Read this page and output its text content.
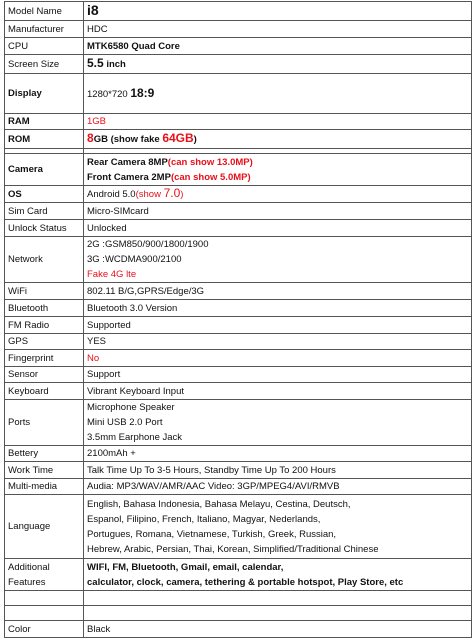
Model Name	i8
Manufacturer	HDC
CPU	MTK6580 Quad Core
Screen Size	5.5 inch
Display	1280*720 18:9
RAM	1GB
ROM	8GB (show fake 64GB)

Camera	Rear Camera 8MP(can show 13.0MP)
Front Camera 2MP(can show 5.0MP)

OS	Android 5.0(show 7.0)
Sim Card	Micro-SIMcard
Unlock Status	Unlocked
Network	2G :GSM850/900/1800/1900
3G :WCDMA900/2100
Fake 4G lte

WiFi	802.11 B/G,GPRS/Edge/3G
Bluetooth	Bluetooth 3.0 Version
FM Radio	Supported
GPS	YES
Fingerprint	No
Sensor	Support
Keyboard	Vibrant Keyboard Input
Ports	Microphone Speaker
Mini USB 2.0 Port
3.5mm Earphone Jack

Bettery	2100mAh +
Work Time	Talk Time Up To 3-5 Hours, Standby Time Up To 200 Hours
Multi-media	Audia: MP3/WAV/AMR/AAC Video: 3GP/MPEG4/AVI/RMVB
Language	English, Bahasa Indonesia, Bahasa Melayu, Cestina, Deutsch,
Espanol, Filipino, French, Italiano, Magyar, Nederlands,
Portugues, Romana, Vietnamese, Turkish, Greek, Russian,
Hebrew, Arabic, Persian, Thai, Korean, Simplified/Traditional Chinese

Additional
Features	WIFI, FM, Bluetooth, Gmail, email, calendar,
calculator, clock, camera, tethering & portable hotspot, Play Store, etc

Color	Black
